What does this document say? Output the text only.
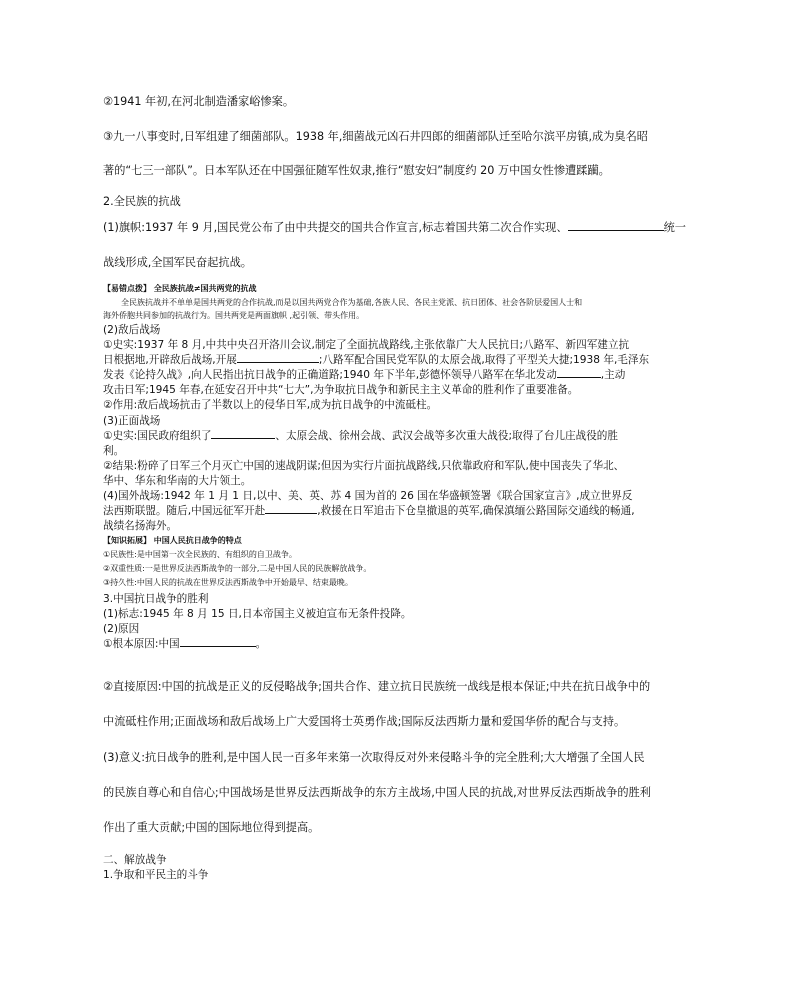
②1941 年初,在河北制造潘家峪惨案。
③九一八事变时,日军组建了细菌部队。1938 年,细菌战元凶石井四郎的细菌部队迁至哈尔滨平房镇,成为臭名昭
著的“七三一部队”。日本军队还在中国强征随军性奴隶,推行“慰安妇”制度约 20 万中国女性惨遭蹂躏。
2.全民族的抗战
(1)旗帜:1937 年 9 月,国民党公布了由中共提交的国共合作宣言,标志着国共第二次合作实现、	统一
战线形成,全国军民奋起抗战。
【易错点拨】 全民族抗战≠国共两党的抗战
全民族抗战并不单单是国共两党的合作抗战,而是以国共两党合作为基础,各族人民、各民主党派、抗日团体、社会各阶层爱国人士和
海外侨胞共同参加的抗战行为。国共两党是两面旗帜 ,起引领、带头作用。
(2)敌后战场
①史实:1937 年 8 月,中共中央召开洛川会议,制定了全面抗战路线,主张依靠广大人民抗日;八路军、新四军建立抗
日根据地,开辟敌后战场,开展	;八路军配合国民党军队的太原会战,取得了平型关大捷;1938 年,毛泽东
发表《论持久战》,向人民指出抗日战争的正确道路;1940 年下半年,彭德怀领导八路军在华北发动	,主动
攻击日军;1945 年春,在延安召开中共“七大”,为争取抗日战争和新民主主义革命的胜利作了重要准备。
②作用:敌后战场抗击了半数以上的侵华日军,成为抗日战争的中流砥柱。
(3)正面战场
①史实:国民政府组织了	、太原会战、徐州会战、武汉会战等多次重大战役;取得了台儿庄战役的胜
利。
②结果:粉碎了日军三个月灭亡中国的速战阴谋;但因为实行片面抗战路线,只依靠政府和军队,使中国丧失了华北、
华中、华东和华南的大片领土。
(4)国外战场:1942 年 1 月 1 日,以中、美、英、苏 4 国为首的 26 国在华盛顿签署《联合国家宣言》,成立世界反
法西斯联盟。随后,中国远征军开赴	,救援在日军追击下仓皇撤退的英军,确保滇缅公路国际交通线的畅通,
战绩名扬海外。
【知识拓展】 中国人民抗日战争的特点
①民族性:是中国第一次全民族的、有组织的自卫战争。
②双重性质:一是世界反法西斯战争的一部分,二是中国人民的民族解放战争。
③持久性:中国人民的抗战在世界反法西斯战争中开始最早、结束最晚。
3.中国抗日战争的胜利
(1)标志:1945 年 8 月 15 日,日本帝国主义被迫宣布无条件投降。
(2)原因
①根本原因:中国	。
②直接原因:中国的抗战是正义的反侵略战争;国共合作、建立抗日民族统一战线是根本保证;中共在抗日战争中的
中流砥柱作用;正面战场和敌后战场上广大爱国将士英勇作战;国际反法西斯力量和爱国华侨的配合与支持。
(3)意义:抗日战争的胜利,是中国人民一百多年来第一次取得反对外来侵略斗争的完全胜利;大大增强了全国人民
的民族自尊心和自信心;中国战场是世界反法西斯战争的东方主战场,中国人民的抗战,对世界反法西斯战争的胜利
作出了重大贡献;中国的国际地位得到提高。
二、解放战争
1.争取和平民主的斗争
